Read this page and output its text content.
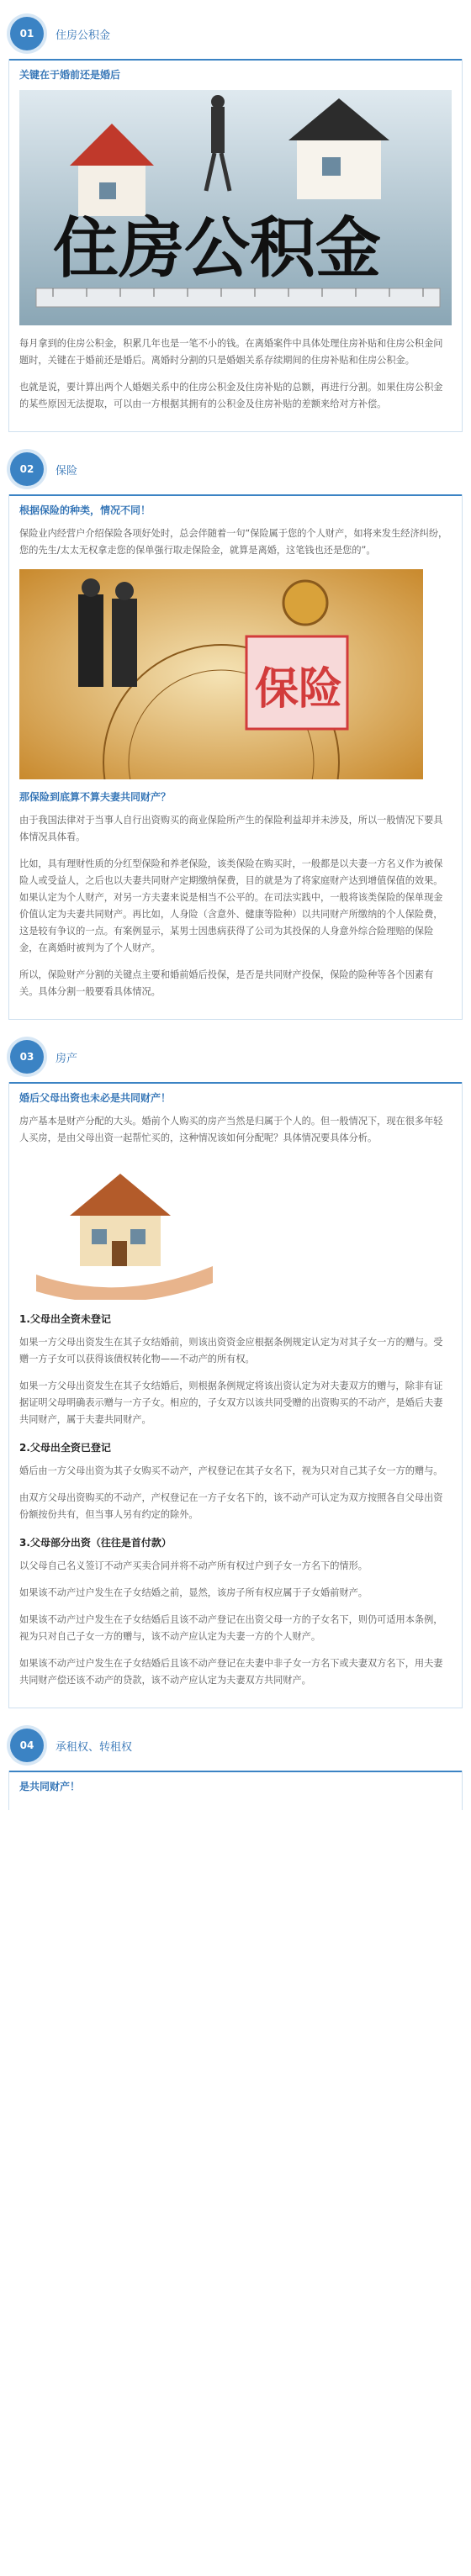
01	住房公积金
关键在于婚前还是婚后
住房公积金

每月拿到的住房公积金，积累几年也是一笔不小的钱。在离婚案件中具体处理住房补贴和住房公积金问题时，关键在于婚前还是婚后。离婚时分割的只是婚姻关系存续期间的住房补贴和住房公积金。

也就是说，要计算出两个人婚姻关系中的住房公积金及住房补贴的总额，再进行分割。如果住房公积金的某些原因无法提取，可以由一方根据其拥有的公积金及住房补贴的差额来给对方补偿。

02	保险
根据保险的种类，情况不同！

保险业内经营户介绍保险各项好处时，总会伴随着一句“保险属于您的个人财产，如将来发生经济纠纷，您的先生/太太无权拿走您的保单强行取走保险金，就算是离婚，这笔钱也还是您的”。

保险
那保险到底算不算夫妻共同财产？

由于我国法律对于当事人自行出资购买的商业保险所产生的保险利益却并未涉及，所以一般情况下要具体情况具体看。

比如，具有理财性质的分红型保险和养老保险，该类保险在购买时，一般都是以夫妻一方名义作为被保险人或受益人，之后也以夫妻共同财产定期缴纳保费，目的就是为了将家庭财产达到增值保值的效果。如果认定为个人财产，对另一方夫妻来说是相当不公平的。在司法实践中，一般将该类保险的保单现金价值认定为夫妻共同财产。再比如，人身险（含意外、健康等险种）以共同财产所缴纳的个人保险费，这是较有争议的一点。有案例显示，某男士因患病获得了公司为其投保的人身意外综合险理赔的保险金，在离婚时被判为了个人财产。

所以，保险财产分割的关键点主要和婚前婚后投保，是否是共同财产投保，保险的险种等各个因素有关。具体分割一般要看具体情况。

03	房产
婚后父母出资也未必是共同财产！

房产基本是财产分配的大头。婚前个人购买的房产当然是归属于个人的。但一般情况下，现在很多年轻人买房，是由父母出资一起帮忙买的，这种情况该如何分配呢？具体情况要具体分析。

1.父母出全资未登记

如果一方父母出资发生在其子女结婚前，则该出资资金应根据条例规定认定为对其子女一方的赠与。受赠一方子女可以获得该债权转化物——不动产的所有权。

如果一方父母出资发生在其子女结婚后，则根据条例规定将该出资认定为对夫妻双方的赠与，除非有证据证明父母明确表示赠与一方子女。相应的，子女双方以该共同受赠的出资购买的不动产，是婚后夫妻共同财产，属于夫妻共同财产。

2.父母出全资已登记

婚后由一方父母出资为其子女购买不动产，产权登记在其子女名下，视为只对自己其子女一方的赠与。

由双方父母出资购买的不动产，产权登记在一方子女名下的，该不动产可认定为双方按照各自父母出资份额按份共有，但当事人另有约定的除外。

3.父母部分出资（往往是首付款）

以父母自己名义签订不动产买卖合同并将不动产所有权过户到子女一方名下的情形。

如果该不动产过户发生在子女结婚之前，显然，该房子所有权应属于子女婚前财产。

如果该不动产过户发生在子女结婚后且该不动产登记在出资父母一方的子女名下，则仍可适用本条例，视为只对自己子女一方的赠与，该不动产应认定为夫妻一方的个人财产。

如果该不动产过户发生在子女结婚后且该不动产登记在夫妻中非子女一方名下或夫妻双方名下，用夫妻共同财产偿还该不动产的贷款，该不动产应认定为夫妻双方共同财产。

04	承租权、转租权
是共同财产！
